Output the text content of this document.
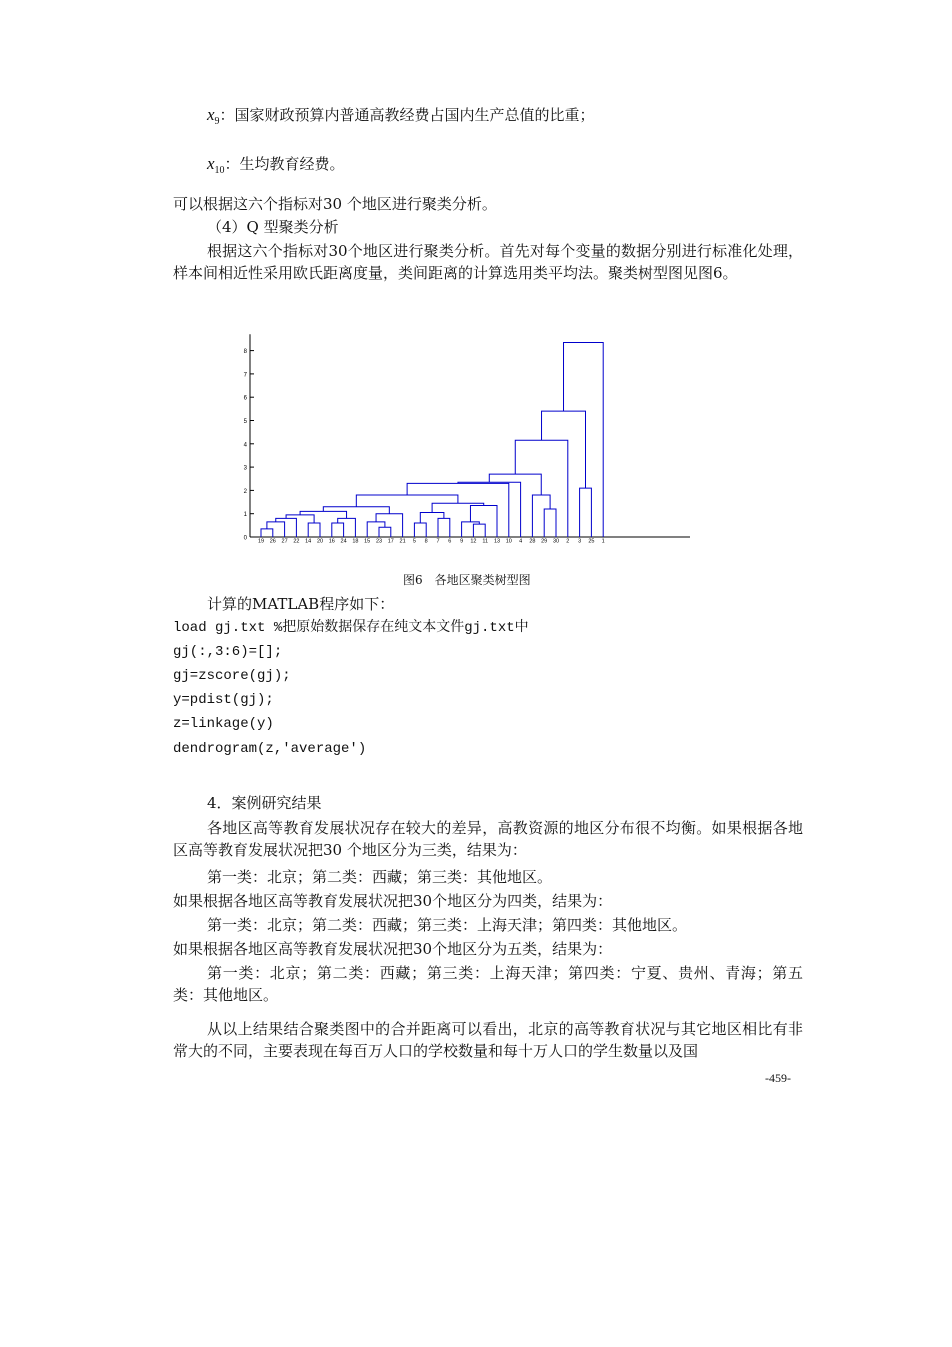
$x_9$：国家财政预算内普通高教经费占国内生产总值的比重；
$x_{10}$：生均教育经费。
可以根据这六个指标对30 个地区进行聚类分析。
（4）Q 型聚类分析
根据这六个指标对30个地区进行聚类分析。首先对每个变量的数据分别进行标准化处理，样本间相近性采用欧氏距离度量，类间距离的计算选用类平均法。聚类树型图见图6。
0
1
2
3
4
5
6
7
8
19 26 27 22 14 20 16 24 18 15 23 17 21 5 8 7 6 9 12 11 13 10 4 28 29 30 2 3 25 1
图6　各地区聚类树型图
计算的MATLAB程序如下：
load gj.txt %把原始数据保存在纯文本文件gj.txt中
gj(:,3:6)=[];
gj=zscore(gj);
y=pdist(gj);
z=linkage(y)
dendrogram(z,'average')
4．案例研究结果
各地区高等教育发展状况存在较大的差异，高教资源的地区分布很不均衡。如果根据各地区高等教育发展状况把30 个地区分为三类，结果为：
第一类：北京；第二类：西藏；第三类：其他地区。
如果根据各地区高等教育发展状况把30个地区分为四类，结果为：
第一类：北京；第二类：西藏；第三类：上海天津；第四类：其他地区。
如果根据各地区高等教育发展状况把30个地区分为五类，结果为：
第一类：北京；第二类：西藏；第三类：上海天津；第四类：宁夏、贵州、青海；第五类：其他地区。
从以上结果结合聚类图中的合并距离可以看出，北京的高等教育状况与其它地区相比有非常大的不同，主要表现在每百万人口的学校数量和每十万人口的学生数量以及国
-459-
